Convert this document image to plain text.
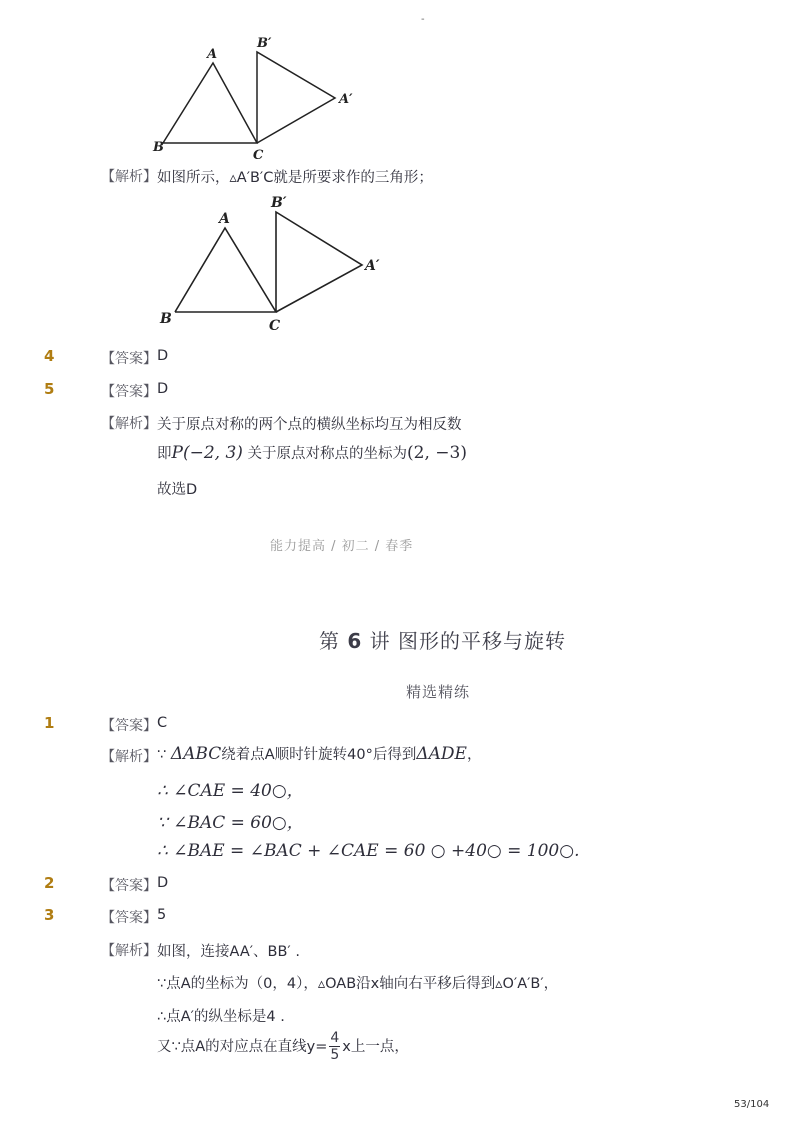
-
A
B
C
B′
A′
【解析】 如图所示，▵A′B′C就是所要求作的三角形；
A
B	C
B′
A′
4	【答案】 D
5	【答案】 D
【解析】 关于原点对称的两个点的横纵坐标均互为相反数
即P(−2, 3) 关于原点对称点的坐标为(2, −3)
故选D
能力提高 / 初二 / 春季
第 6 讲 图形的平移与旋转
精选精练
1	【答案】 C
【解析】 ∵ ΔABC绕着点A顺时针旋转40°后得到ΔADE，
∴ ∠CAE = 40○，
∵ ∠BAC = 60○，
∴ ∠BAE = ∠BAC + ∠CAE = 60 ○ +40○ = 100○.
2	【答案】 D
3	【答案】 5
【解析】 如图，连接AA′、BB′ .
∵点A的坐标为（0，4），▵OAB沿x轴向右平移后得到▵O′A′B′，
∴点A′的纵坐标是4 .
又∵点A的对应点在直线$y= \frac{4}{5}$ x上一点，
53/104
